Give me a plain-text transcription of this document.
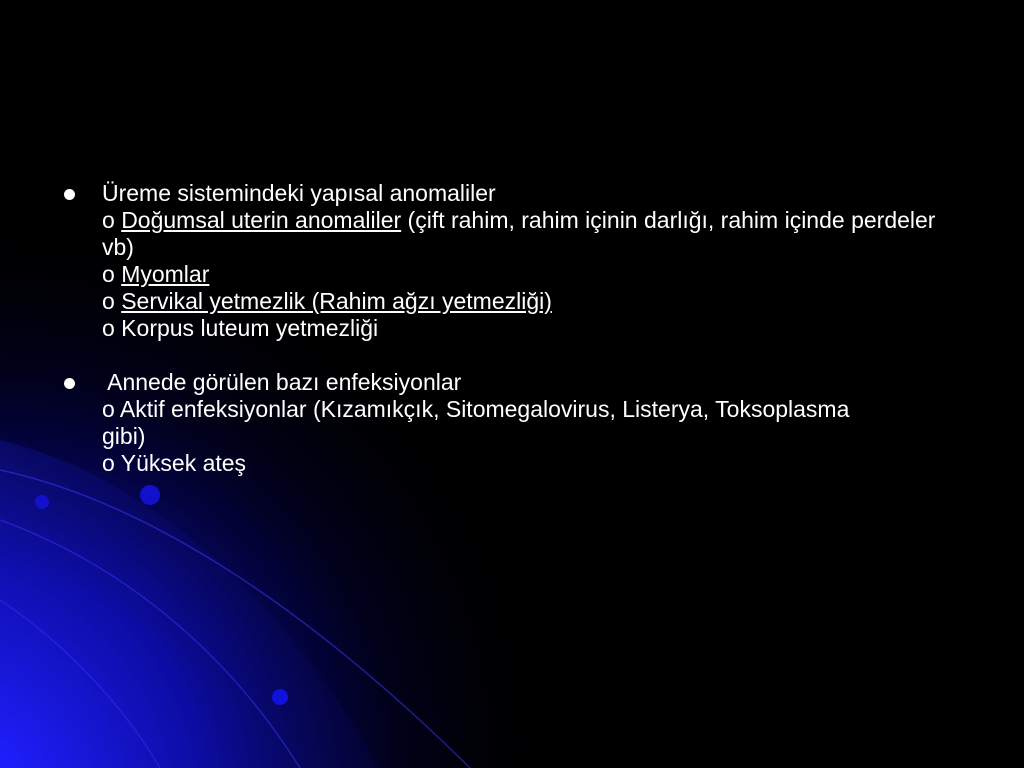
Üreme sistemindeki yapısal anomaliler
o Doğumsal uterin anomaliler (çift rahim, rahim içinin darlığı, rahim içinde perdeler vb)
o Myomlar
o Servikal yetmezlik (Rahim ağzı yetmezliği)
o Korpus luteum yetmezliği
Annede görülen bazı enfeksiyonlar
o Aktif enfeksiyonlar (Kızamıkçık, Sitomegalovirus, Listerya, Toksoplasma gibi)
o Yüksek ateş
